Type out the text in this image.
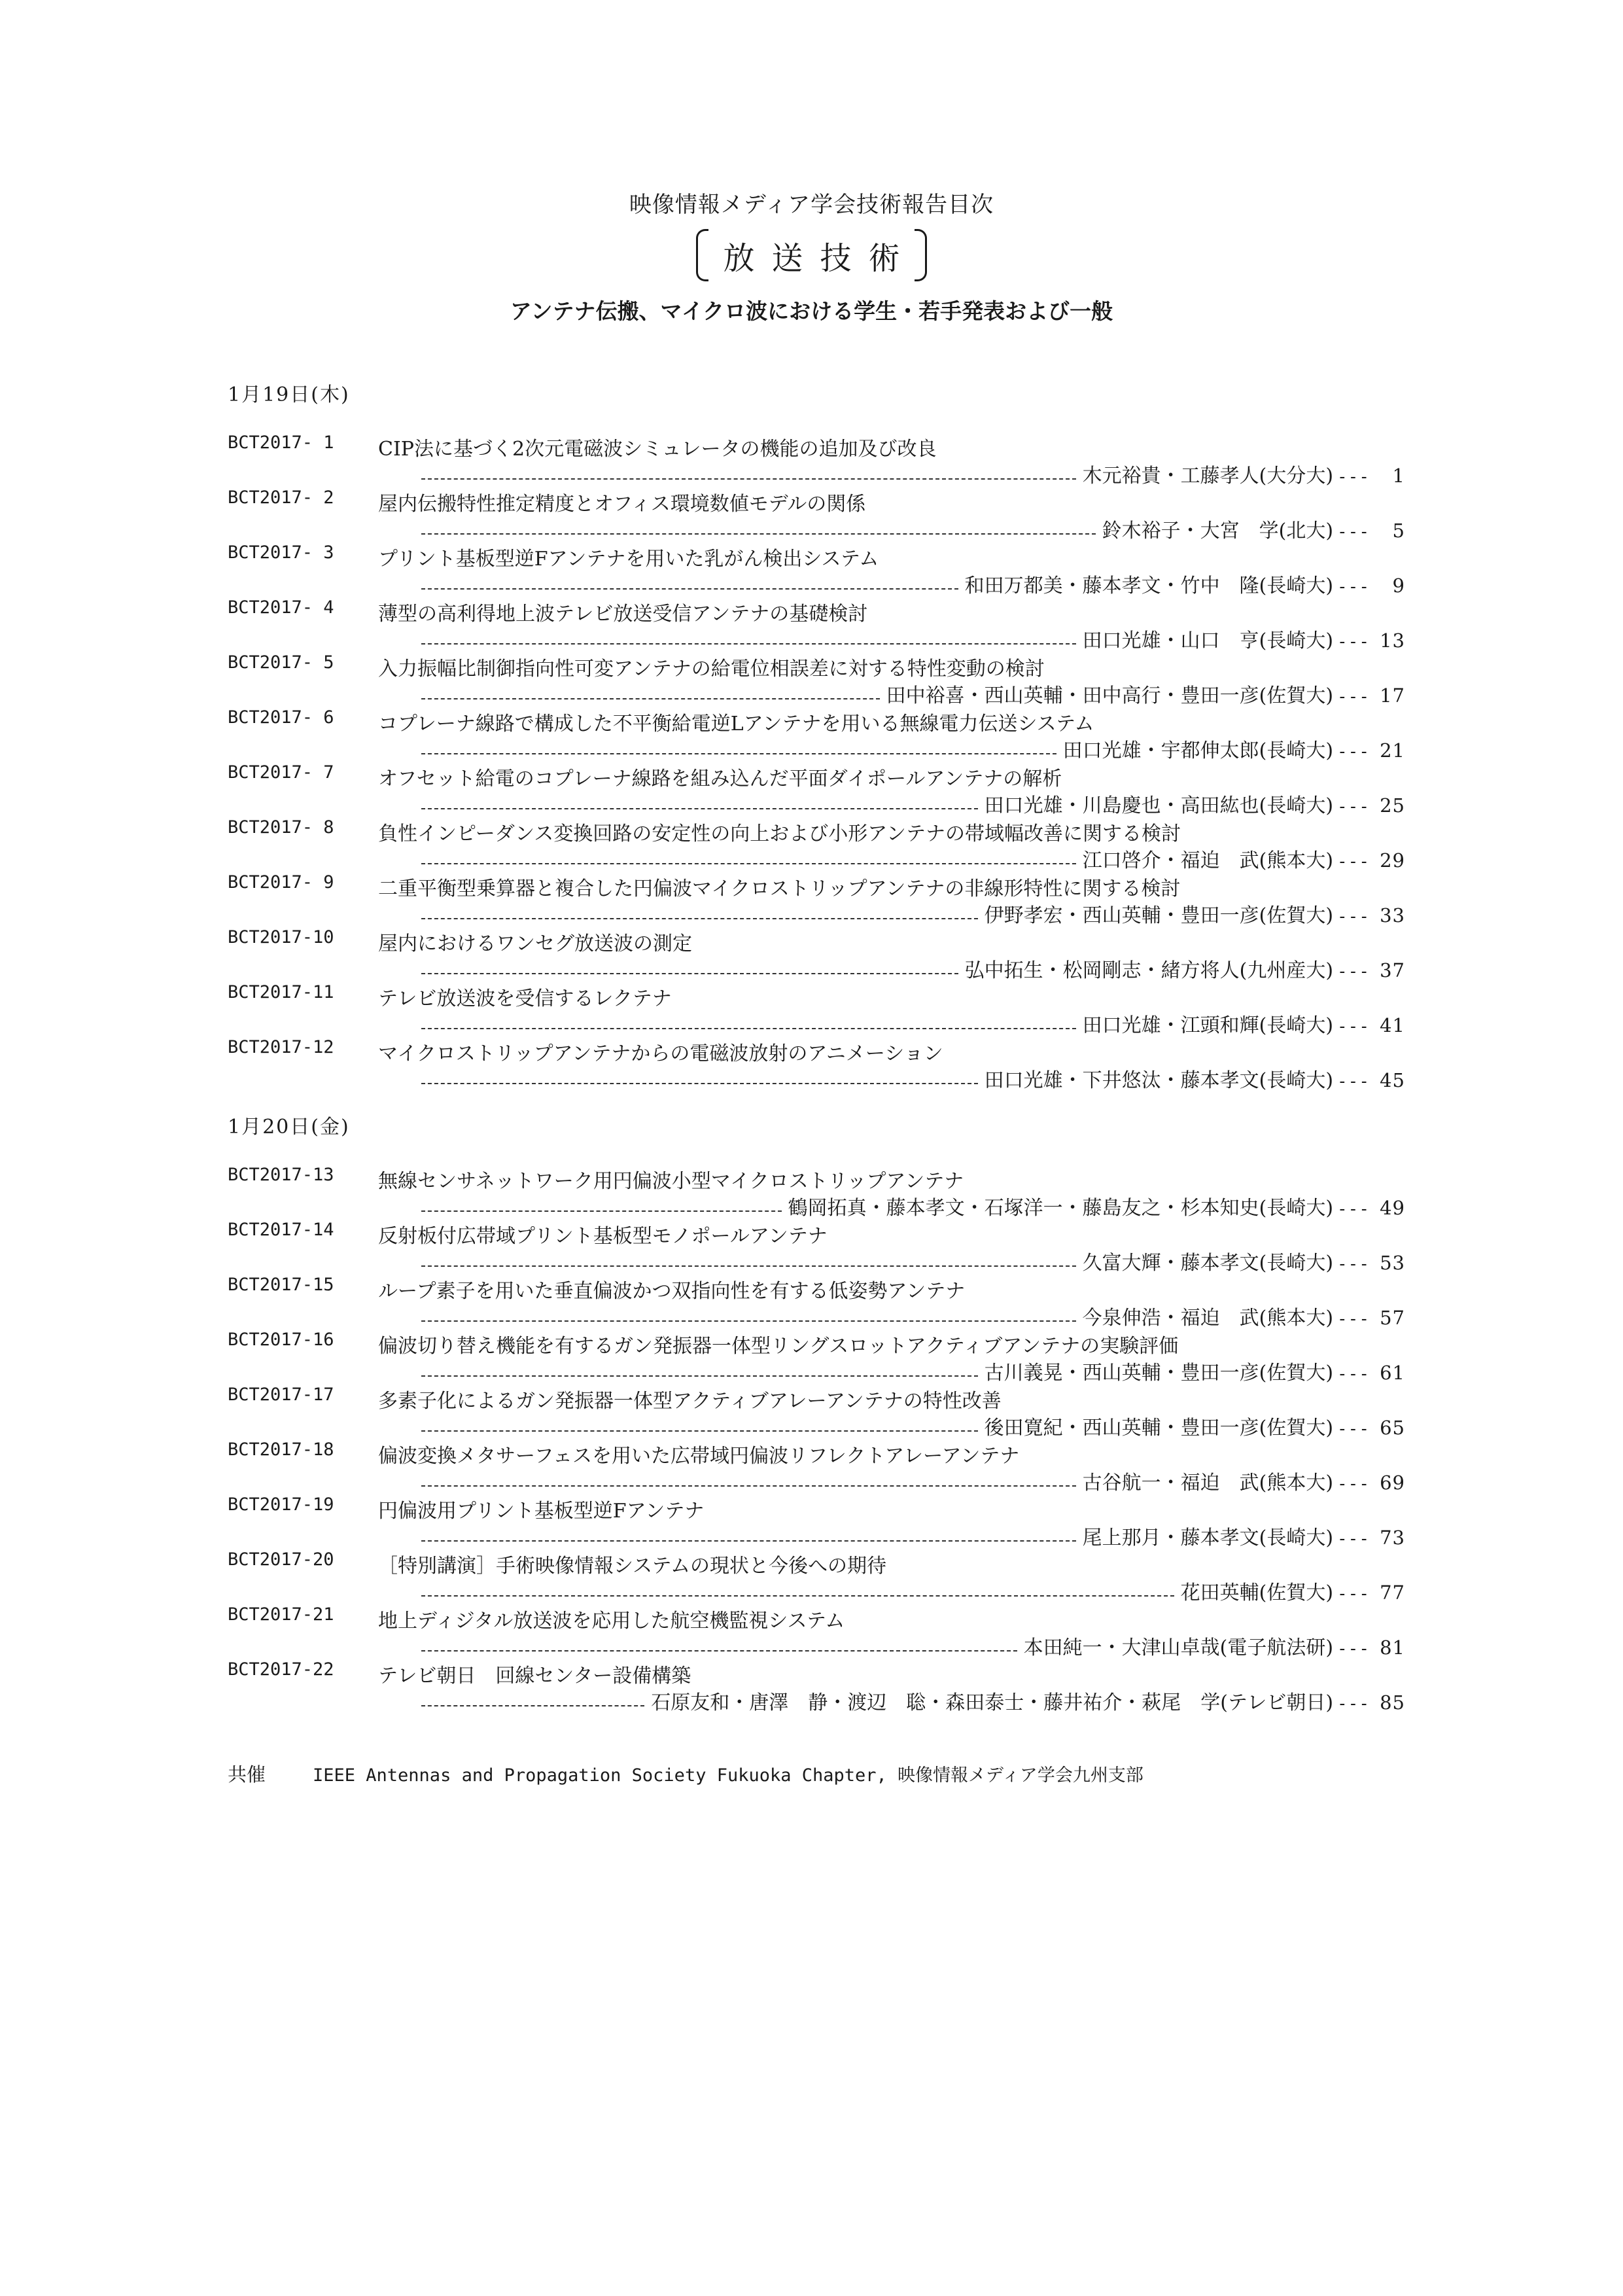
映像情報メディア学会技術報告目次
放送技術
アンテナ伝搬、マイクロ波における学生・若手発表および一般
1月19日(木)
BCT2017- 1 CIP法に基づく2次元電磁波シミュレータの機能の追加及び改良
木元裕貴・工藤孝人(大分大) --- 1
BCT2017- 2 屋内伝搬特性推定精度とオフィス環境数値モデルの関係
鈴木裕子・大宮　学(北大) --- 5
BCT2017- 3 プリント基板型逆Fアンテナを用いた乳がん検出システム
和田万都美・藤本孝文・竹中　隆(長崎大) --- 9
BCT2017- 4 薄型の高利得地上波テレビ放送受信アンテナの基礎検討
田口光雄・山口　亨(長崎大) --- 13
BCT2017- 5 入力振幅比制御指向性可変アンテナの給電位相誤差に対する特性変動の検討
田中裕喜・西山英輔・田中高行・豊田一彦(佐賀大) --- 17
BCT2017- 6 コプレーナ線路で構成した不平衡給電逆Lアンテナを用いる無線電力伝送システム
田口光雄・宇都伸太郎(長崎大) --- 21
BCT2017- 7 オフセット給電のコプレーナ線路を組み込んだ平面ダイポールアンテナの解析
田口光雄・川島慶也・高田紘也(長崎大) --- 25
BCT2017- 8 負性インピーダンス変換回路の安定性の向上および小形アンテナの帯域幅改善に関する検討
江口啓介・福迫　武(熊本大) --- 29
BCT2017- 9 二重平衡型乗算器と複合した円偏波マイクロストリップアンテナの非線形特性に関する検討
伊野孝宏・西山英輔・豊田一彦(佐賀大) --- 33
BCT2017-10 屋内におけるワンセグ放送波の測定
弘中拓生・松岡剛志・緒方将人(九州産大) --- 37
BCT2017-11 テレビ放送波を受信するレクテナ
田口光雄・江頭和輝(長崎大) --- 41
BCT2017-12 マイクロストリップアンテナからの電磁波放射のアニメーション
田口光雄・下井悠汰・藤本孝文(長崎大) --- 45
1月20日(金)
BCT2017-13 無線センサネットワーク用円偏波小型マイクロストリップアンテナ
鶴岡拓真・藤本孝文・石塚洋一・藤島友之・杉本知史(長崎大) --- 49
BCT2017-14 反射板付広帯域プリント基板型モノポールアンテナ
久富大輝・藤本孝文(長崎大) --- 53
BCT2017-15 ループ素子を用いた垂直偏波かつ双指向性を有する低姿勢アンテナ
今泉伸浩・福迫　武(熊本大) --- 57
BCT2017-16 偏波切り替え機能を有するガン発振器一体型リングスロットアクティブアンテナの実験評価
古川義晃・西山英輔・豊田一彦(佐賀大) --- 61
BCT2017-17 多素子化によるガン発振器一体型アクティブアレーアンテナの特性改善
後田寛紀・西山英輔・豊田一彦(佐賀大) --- 65
BCT2017-18 偏波変換メタサーフェスを用いた広帯域円偏波リフレクトアレーアンテナ
古谷航一・福迫　武(熊本大) --- 69
BCT2017-19 円偏波用プリント基板型逆Fアンテナ
尾上那月・藤本孝文(長崎大) --- 73
BCT2017-20 ［特別講演］手術映像情報システムの現状と今後への期待
花田英輔(佐賀大) --- 77
BCT2017-21 地上ディジタル放送波を応用した航空機監視システム
本田純一・大津山卓哉(電子航法研) --- 81
BCT2017-22 テレビ朝日　回線センター設備構築
石原友和・唐澤　静・渡辺　聡・森田泰士・藤井祐介・萩尾　学(テレビ朝日) --- 85
共催	IEEE Antennas and Propagation Society Fukuoka Chapter, 映像情報メディア学会九州支部
